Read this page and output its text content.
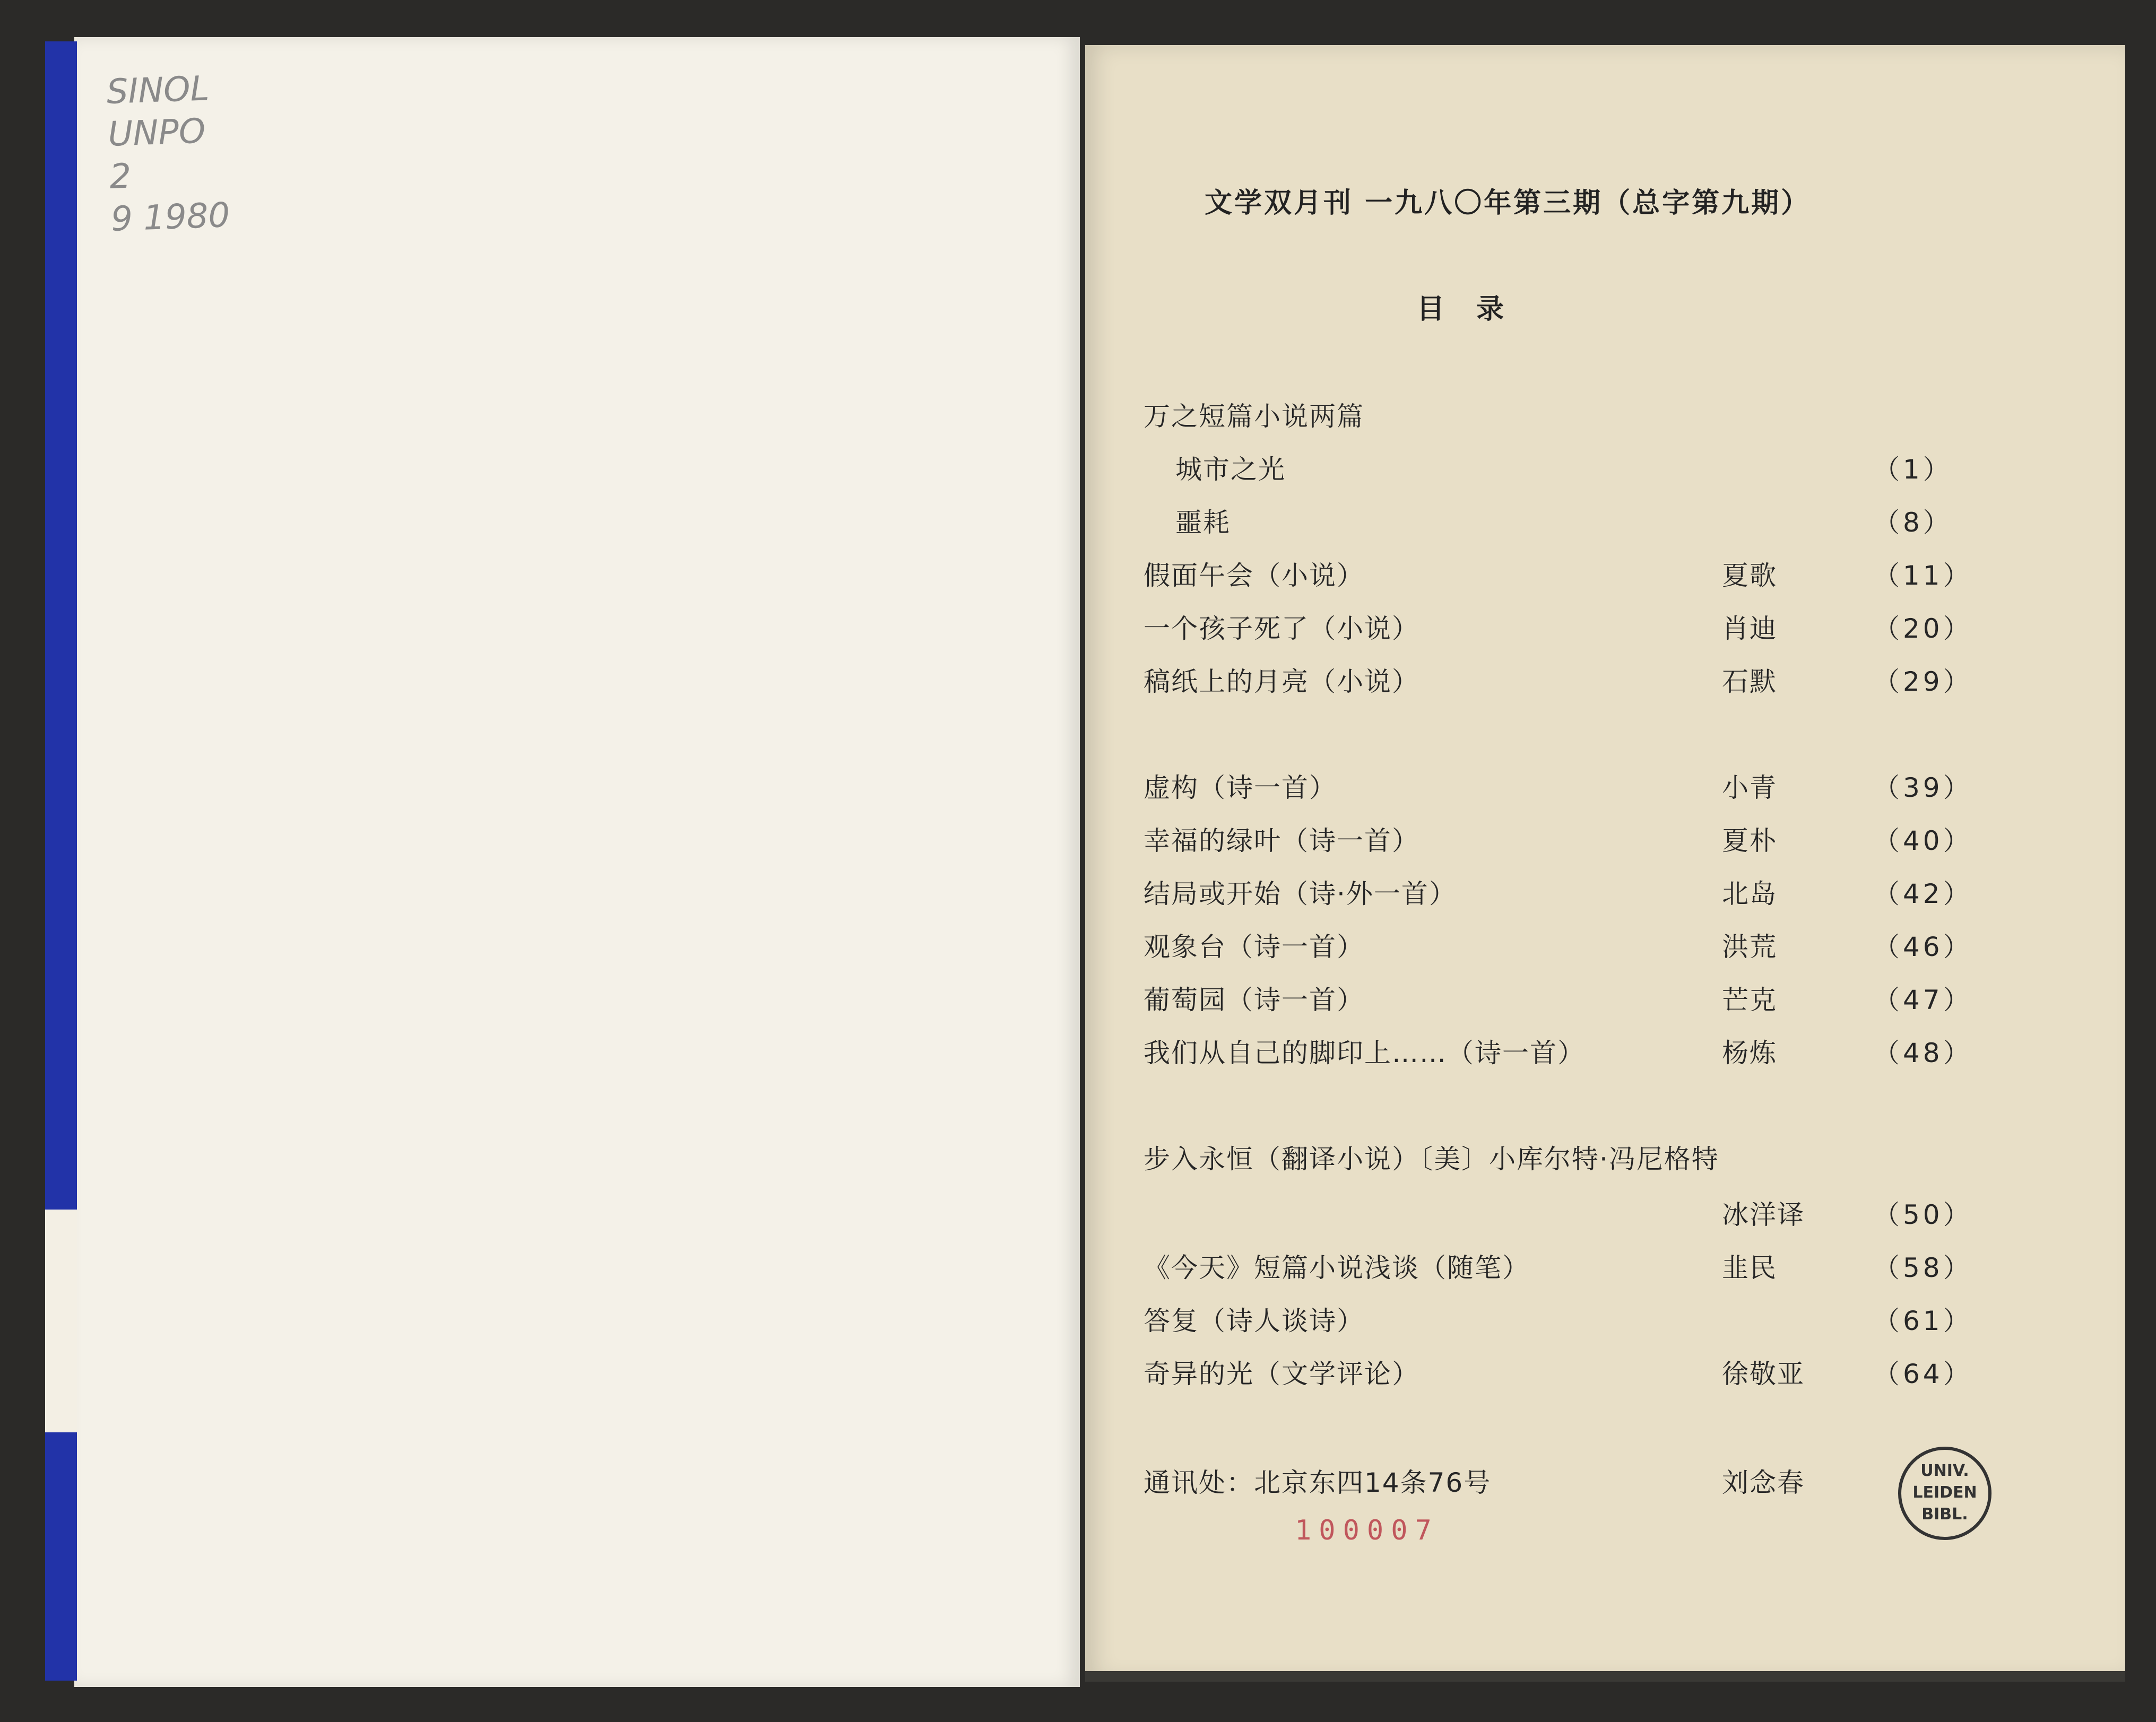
SINOL
UNPO
2
9 1980	文学双月刊 一九八〇年第三期（总字第九期）
目录
万之短篇小说两篇
城市之光	（1）
噩耗	（8）
假面午会（小说）	夏歌	（11）
一个孩子死了（小说）	肖迪	（20）
稿纸上的月亮（小说）	石默	（29）
虚构（诗一首）	小青	（39）
幸福的绿叶（诗一首）	夏朴	（40）
结局或开始（诗·外一首）	北岛	（42）
观象台（诗一首）	洪荒	（46）
葡萄园（诗一首）	芒克	（47）
我们从自己的脚印上……（诗一首）	杨炼	（48）
步入永恒（翻译小说）〔美〕小库尔特·冯尼格特
冰洋译	（50）
《今天》短篇小说浅谈（随笔）	韭民	（58）
答复（诗人谈诗）	（61）
奇异的光（文学评论）	徐敬亚	（64）
通讯处：北京东四14条76号	刘念春
100007
UNIV.
LEIDEN
BIBL.
